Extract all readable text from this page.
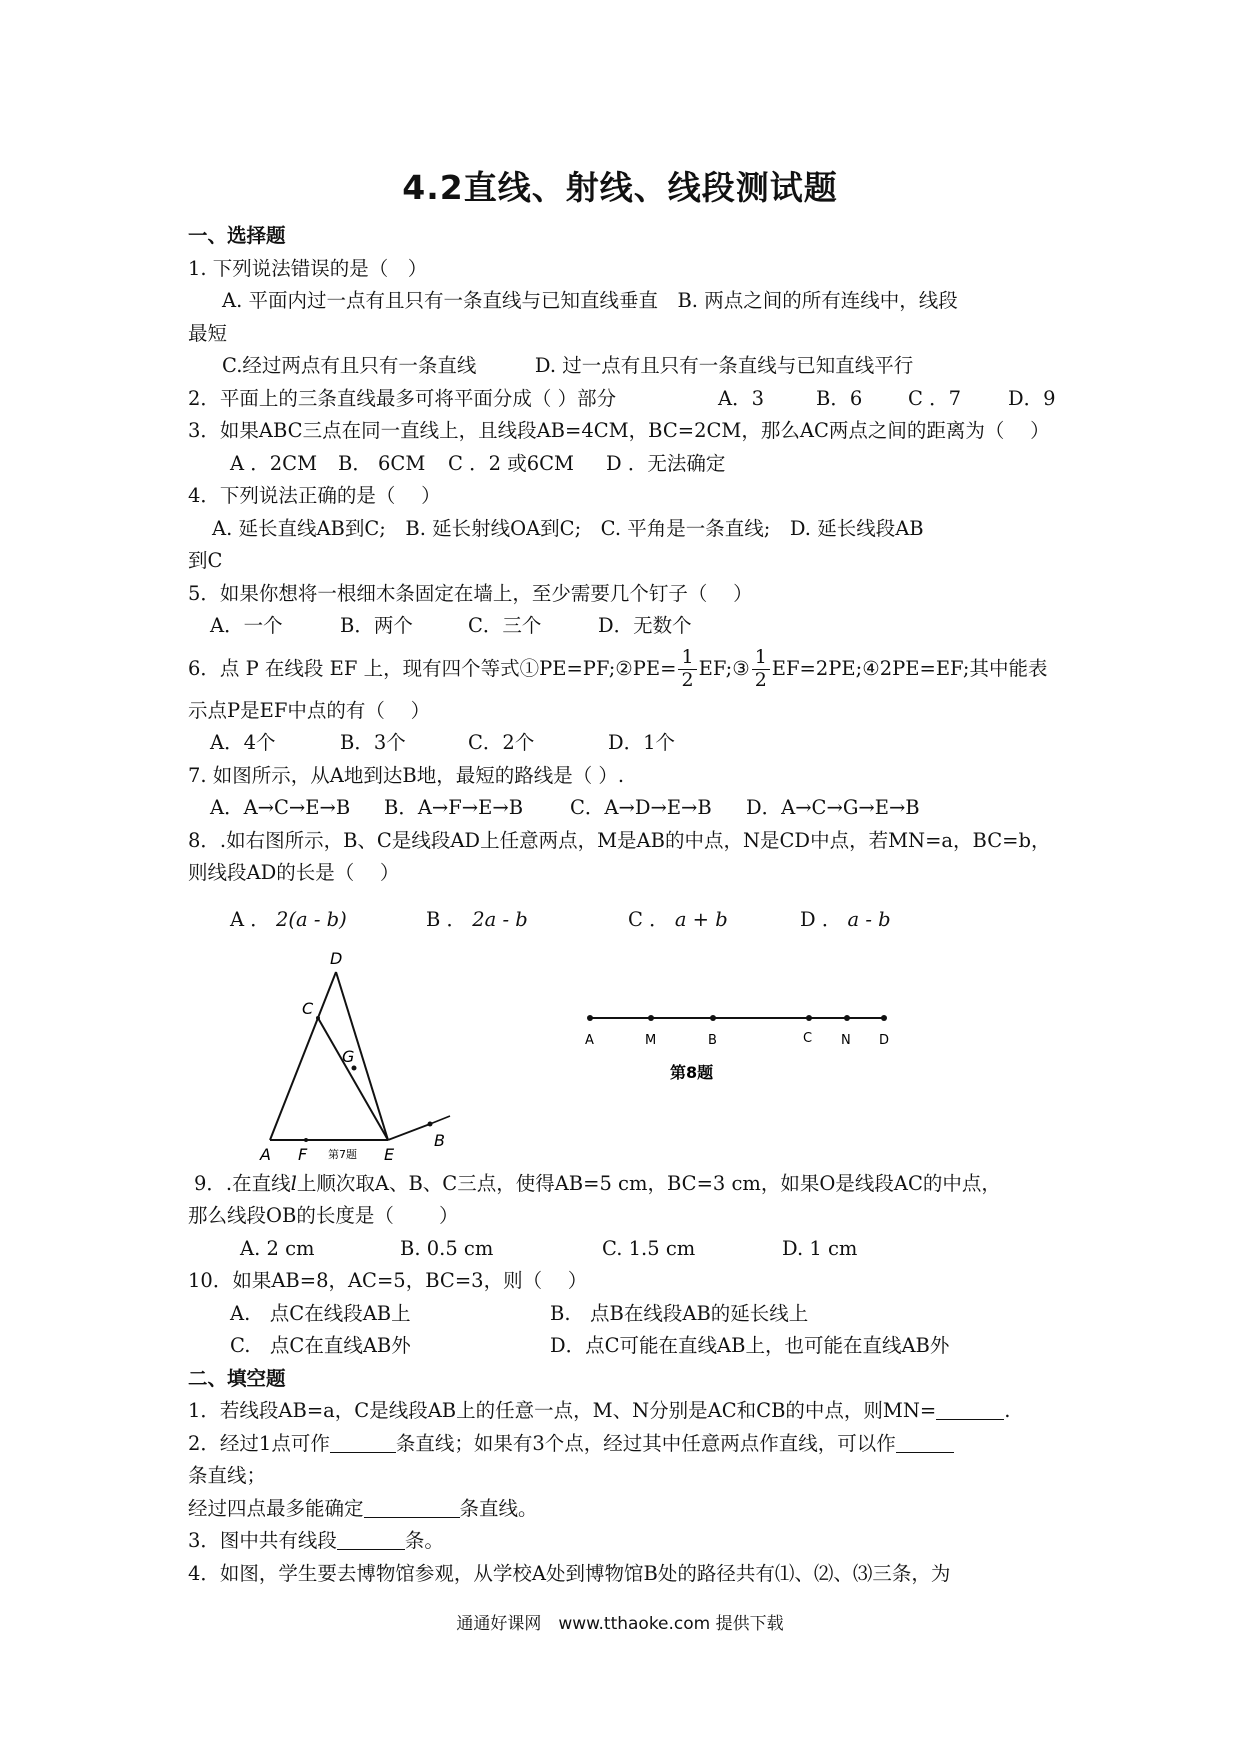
4.2直线、射线、线段测试题
一、选择题
1. 下列说法错误的是（　）
A. 平面内过一点有且只有一条直线与已知直线垂直　B. 两点之间的所有连线中，线段
最短
C.经过两点有且只有一条直线　　　D. 过一点有且只有一条直线与已知直线平行
2．平面上的三条直线最多可将平面分成（ ）部分	A．3	B．6 C ．7 D．9
3．如果ABC三点在同一直线上，且线段AB=4CM，BC=2CM，那么AC两点之间的距离为（　 ）
A ．2CM B． 6CM C ．2 或6CM D ．无法确定
4．下列说法正确的是（　 ）
A. 延长直线AB到C;　B. 延长射线OA到C;　C. 平角是一条直线;　D. 延长线段AB
到C
5．如果你想将一根细木条固定在墙上，至少需要几个钉子（　 ）
A．一个	B．两个	C．三个	D．无数个
6．点 P 在线段 EF 上，现有四个等式①PE=PF;②PE= $\frac{1}{2}$ EF;③ $\frac{1}{2}$ EF=2PE;④2PE=EF;其中能表
示点P是EF中点的有（　 ）
A．4个	B．3个	C．2个	D．1个
7. 如图所示，从A地到达B地，最短的路线是（ ）.
A．A→C→E→B B．A→F→E→B C．A→D→E→B D．A→C→G→E→B
8．.如右图所示，B、C是线段AD上任意两点，M是AB的中点，N是CD中点，若MN=a，BC=b，
则线段AD的长是（　 ）
A ． 2(a - b)	B ． 2a - b	C ． a + b	D ． a - b
D
C
G
A F	E
B
第7题
A	M	B	C N D
第8题
9．.在直线l上顺次取A、B、C三点，使得AB=5 cm，BC=3 cm，如果O是线段AC的中点，
那么线段OB的长度是（　　 ）
A. 2 cm	B. 0.5 cm	C. 1.5 cm	D. 1 cm
10．如果AB=8，AC=5，BC=3，则（　 ）
A.　点C在线段AB上	B.　点B在线段AB的延长线上
C.　点C在直线AB外	D．点C可能在直线AB上，也可能在直线AB外
二、填空题
1．若线段AB=a，C是线段AB上的任意一点，M、N分别是AC和CB的中点，则MN=	.
2．经过1点可作	条直线；如果有3个点，经过其中任意两点作直线，可以作
条直线；
经过四点最多能确定	条直线。
3．图中共有线段	条。
4．如图，学生要去博物馆参观，从学校A处到博物馆B处的路径共有⑴、⑵、⑶三条，为
通通好课网　www.tthaoke.com 提供下载
